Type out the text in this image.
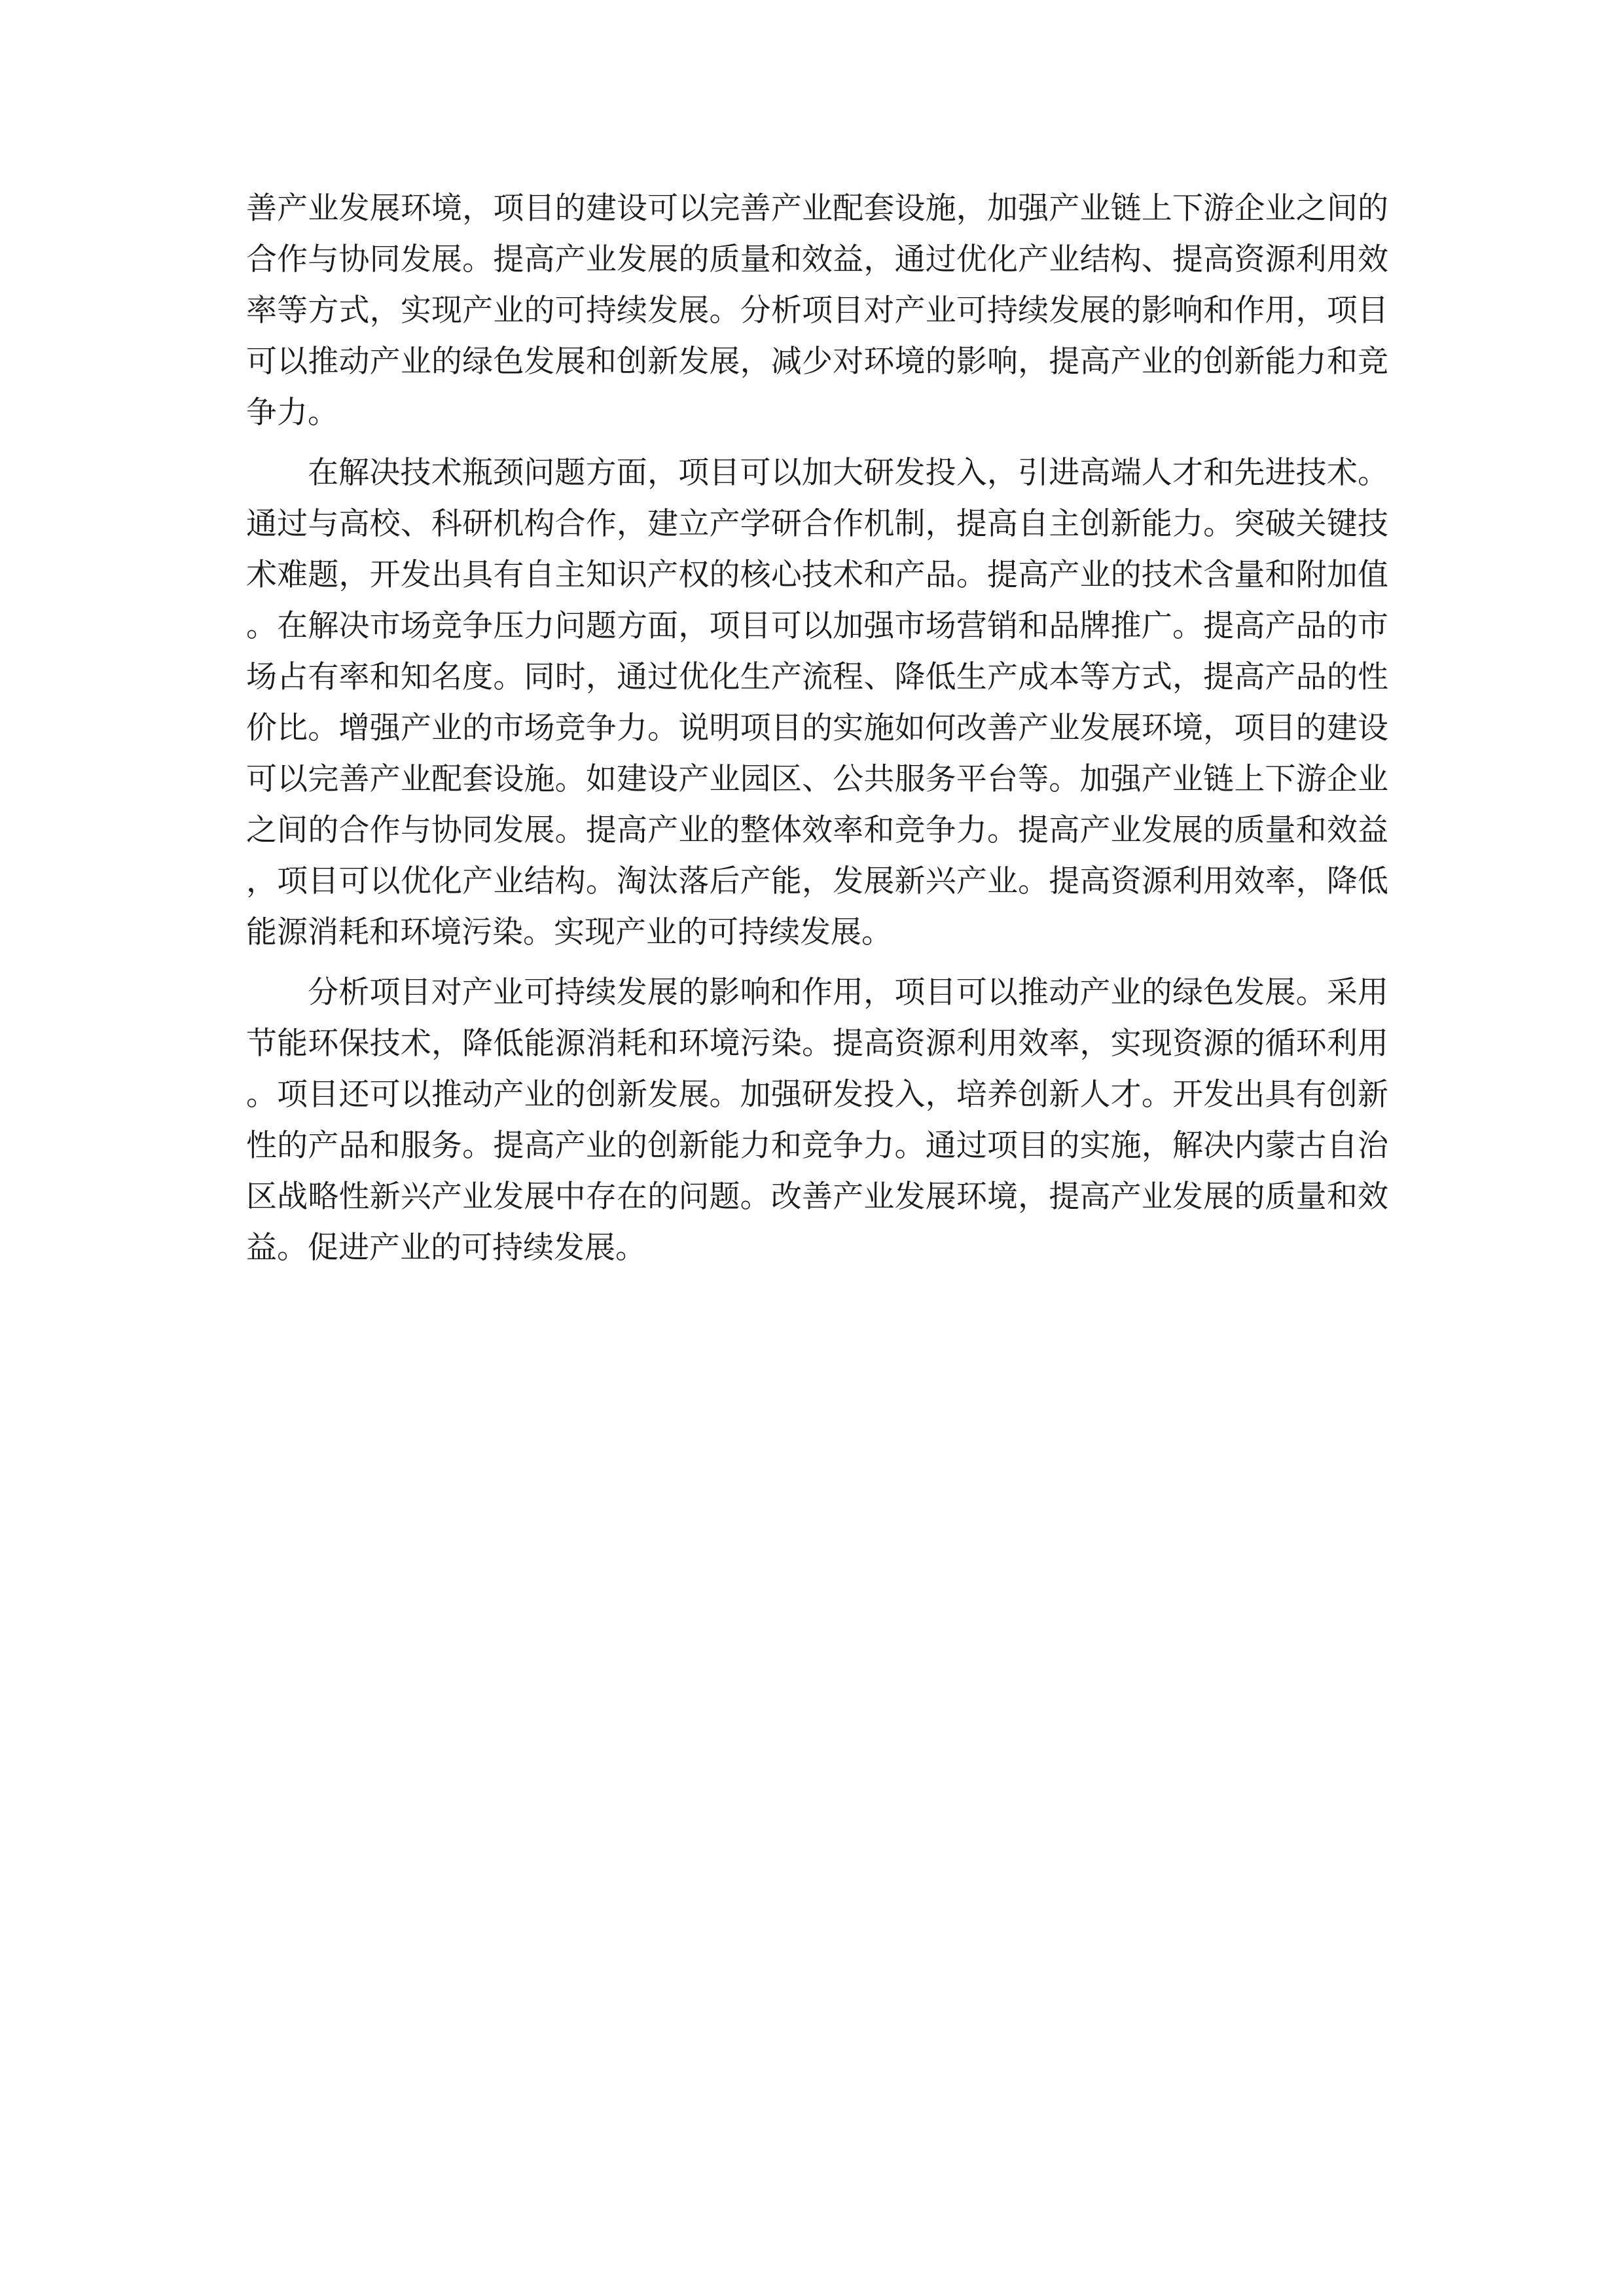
善产业发展环境，项目的建设可以完善产业配套设施，加强产业链上下游企业之间的合作与协同发展。提高产业发展的质量和效益，通过优化产业结构、提高资源利用效率等方式，实现产业的可持续发展。分析项目对产业可持续发展的影响和作用，项目可以推动产业的绿色发展和创新发展，减少对环境的影响，提高产业的创新能力和竞争力。

在解决技术瓶颈问题方面，项目可以加大研发投入，引进高端人才和先进技术。通过与高校、科研机构合作，建立产学研合作机制，提高自主创新能力。突破关键技术难题，开发出具有自主知识产权的核心技术和产品。提高产业的技术含量和附加值。在解决市场竞争压力问题方面，项目可以加强市场营销和品牌推广。提高产品的市场占有率和知名度。同时，通过优化生产流程、降低生产成本等方式，提高产品的性价比。增强产业的市场竞争力。说明项目的实施如何改善产业发展环境，项目的建设可以完善产业配套设施。如建设产业园区、公共服务平台等。加强产业链上下游企业之间的合作与协同发展。提高产业的整体效率和竞争力。提高产业发展的质量和效益，项目可以优化产业结构。淘汰落后产能，发展新兴产业。提高资源利用效率，降低能源消耗和环境污染。实现产业的可持续发展。

分析项目对产业可持续发展的影响和作用，项目可以推动产业的绿色发展。采用节能环保技术，降低能源消耗和环境污染。提高资源利用效率，实现资源的循环利用。项目还可以推动产业的创新发展。加强研发投入，培养创新人才。开发出具有创新性的产品和服务。提高产业的创新能力和竞争力。通过项目的实施，解决内蒙古自治区战略性新兴产业发展中存在的问题。改善产业发展环境，提高产业发展的质量和效益。促进产业的可持续发展。
